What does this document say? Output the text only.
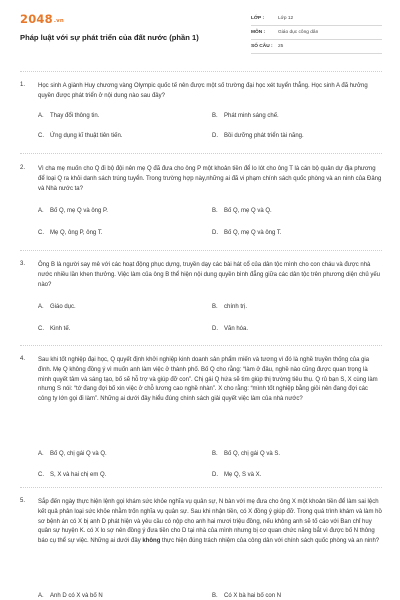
2048.vn
Pháp luật với sự phát triển của đất nước (phần 1)
LỚP :	Lớp 12
MÔN :	Giáo dục công dân
SỐ CÂU :	25
1. Học sinh A giành Huy chương vàng Olympic quốc tế nên được một số trường đại học xét tuyển thẳng. Học sinh A đã hưởng quyền được phát triển ở nội dung nào sau đây?
A. Thay đổi thông tin.	B. Phát minh sáng chế.
C. Ứng dụng kĩ thuật tiên tiến.	D. Bồi dưỡng phát triển tài năng.
2. Vì cha mẹ muốn cho Q đi bộ đội nên mẹ Q đã đưa cho ông P một khoản tiền để lo lót cho ông T là cán bộ quân dự địa phương để loại Q ra khỏi danh sách trúng tuyển. Trong trường hợp này,những ai đã vi phạm chính sách quốc phòng và an ninh của Đảng và Nhà nước ta?
A. Bố Q, mẹ Q và ông P.	B. Bố Q, mẹ Q và Q.
C. Mẹ Q, ông P, ông T.	D. Bố Q, mẹ Q và ông T.
3. Ông B là người say mê với các hoạt động phục dựng, truyền dạy các bài hát cổ của dân tộc mình cho con cháu và được nhà nước nhiều lần khen thưởng. Việc làm của ông B thể hiện nội dung quyền bình đẳng giữa các dân tộc trên phương diện chủ yếu nào?
A. Giáo dục.	B. chính trị.
C. Kinh tế.	D. Văn hóa.
4. Sau khi tốt nghiệp đại học, Q quyết định khởi nghiệp kinh doanh sản phẩm miến và tương vì đó là nghề truyền thống của gia đình. Mẹ Q không đồng ý vì muốn anh làm việc ở thành phố. Bố Q cho rằng: “làm ở đâu, nghề nào cũng được quan trọng là mình quyết tâm và sáng tạo, bố sẽ hỗ trợ và giúp đỡ con”. Chị gái Q hứa sẽ tìm giúp thị trường tiêu thụ. Q rủ bạn S, X cùng làm nhưng S nói: “tớ đang đợi bố xin việc ở chỗ lương cao nghề nhàn”. X cho rằng: “mình tốt nghiệp bằng giỏi nên đang đợi các công ty lớn gọi đi làm”. Những ai dưới đây hiểu đúng chính sách giải quyết việc làm của nhà nước?
A. Bố Q, chị gái Q và Q.	B. Bố Q, chị gái Q và S.
C. S, X và hai chị em Q.	D. Mẹ Q, S và X.
5. Sắp đến ngày thực hiện lệnh gọi khám sức khỏe nghĩa vụ quân sự, N bàn với mẹ đưa cho ông X một khoản tiền để làm sai lệch kết quả phân loại sức khỏe nhằm trốn nghĩa vụ quân sự. Sau khi nhận tiền, có X đồng ý giúp đỡ. Trong quá trình khám và làm hồ sơ bệnh án có X bị anh D phát hiện và yêu cầu có nộp cho anh hai mươi triệu đồng, nếu không anh sẽ tố cáo với Ban chỉ huy quân sự huyện K. có X lo sợ nên đồng ý đưa tiền cho D tại nhà của mình nhưng bị cơ quan chức năng bắt vì được bố N thông báo cụ thể sự việc. Những ai dưới đây không thực hiện đúng trách nhiệm của công dân với chính sách quốc phòng và an ninh?
A. Anh D có X và bố N	B. Có X bà hai bố con N
